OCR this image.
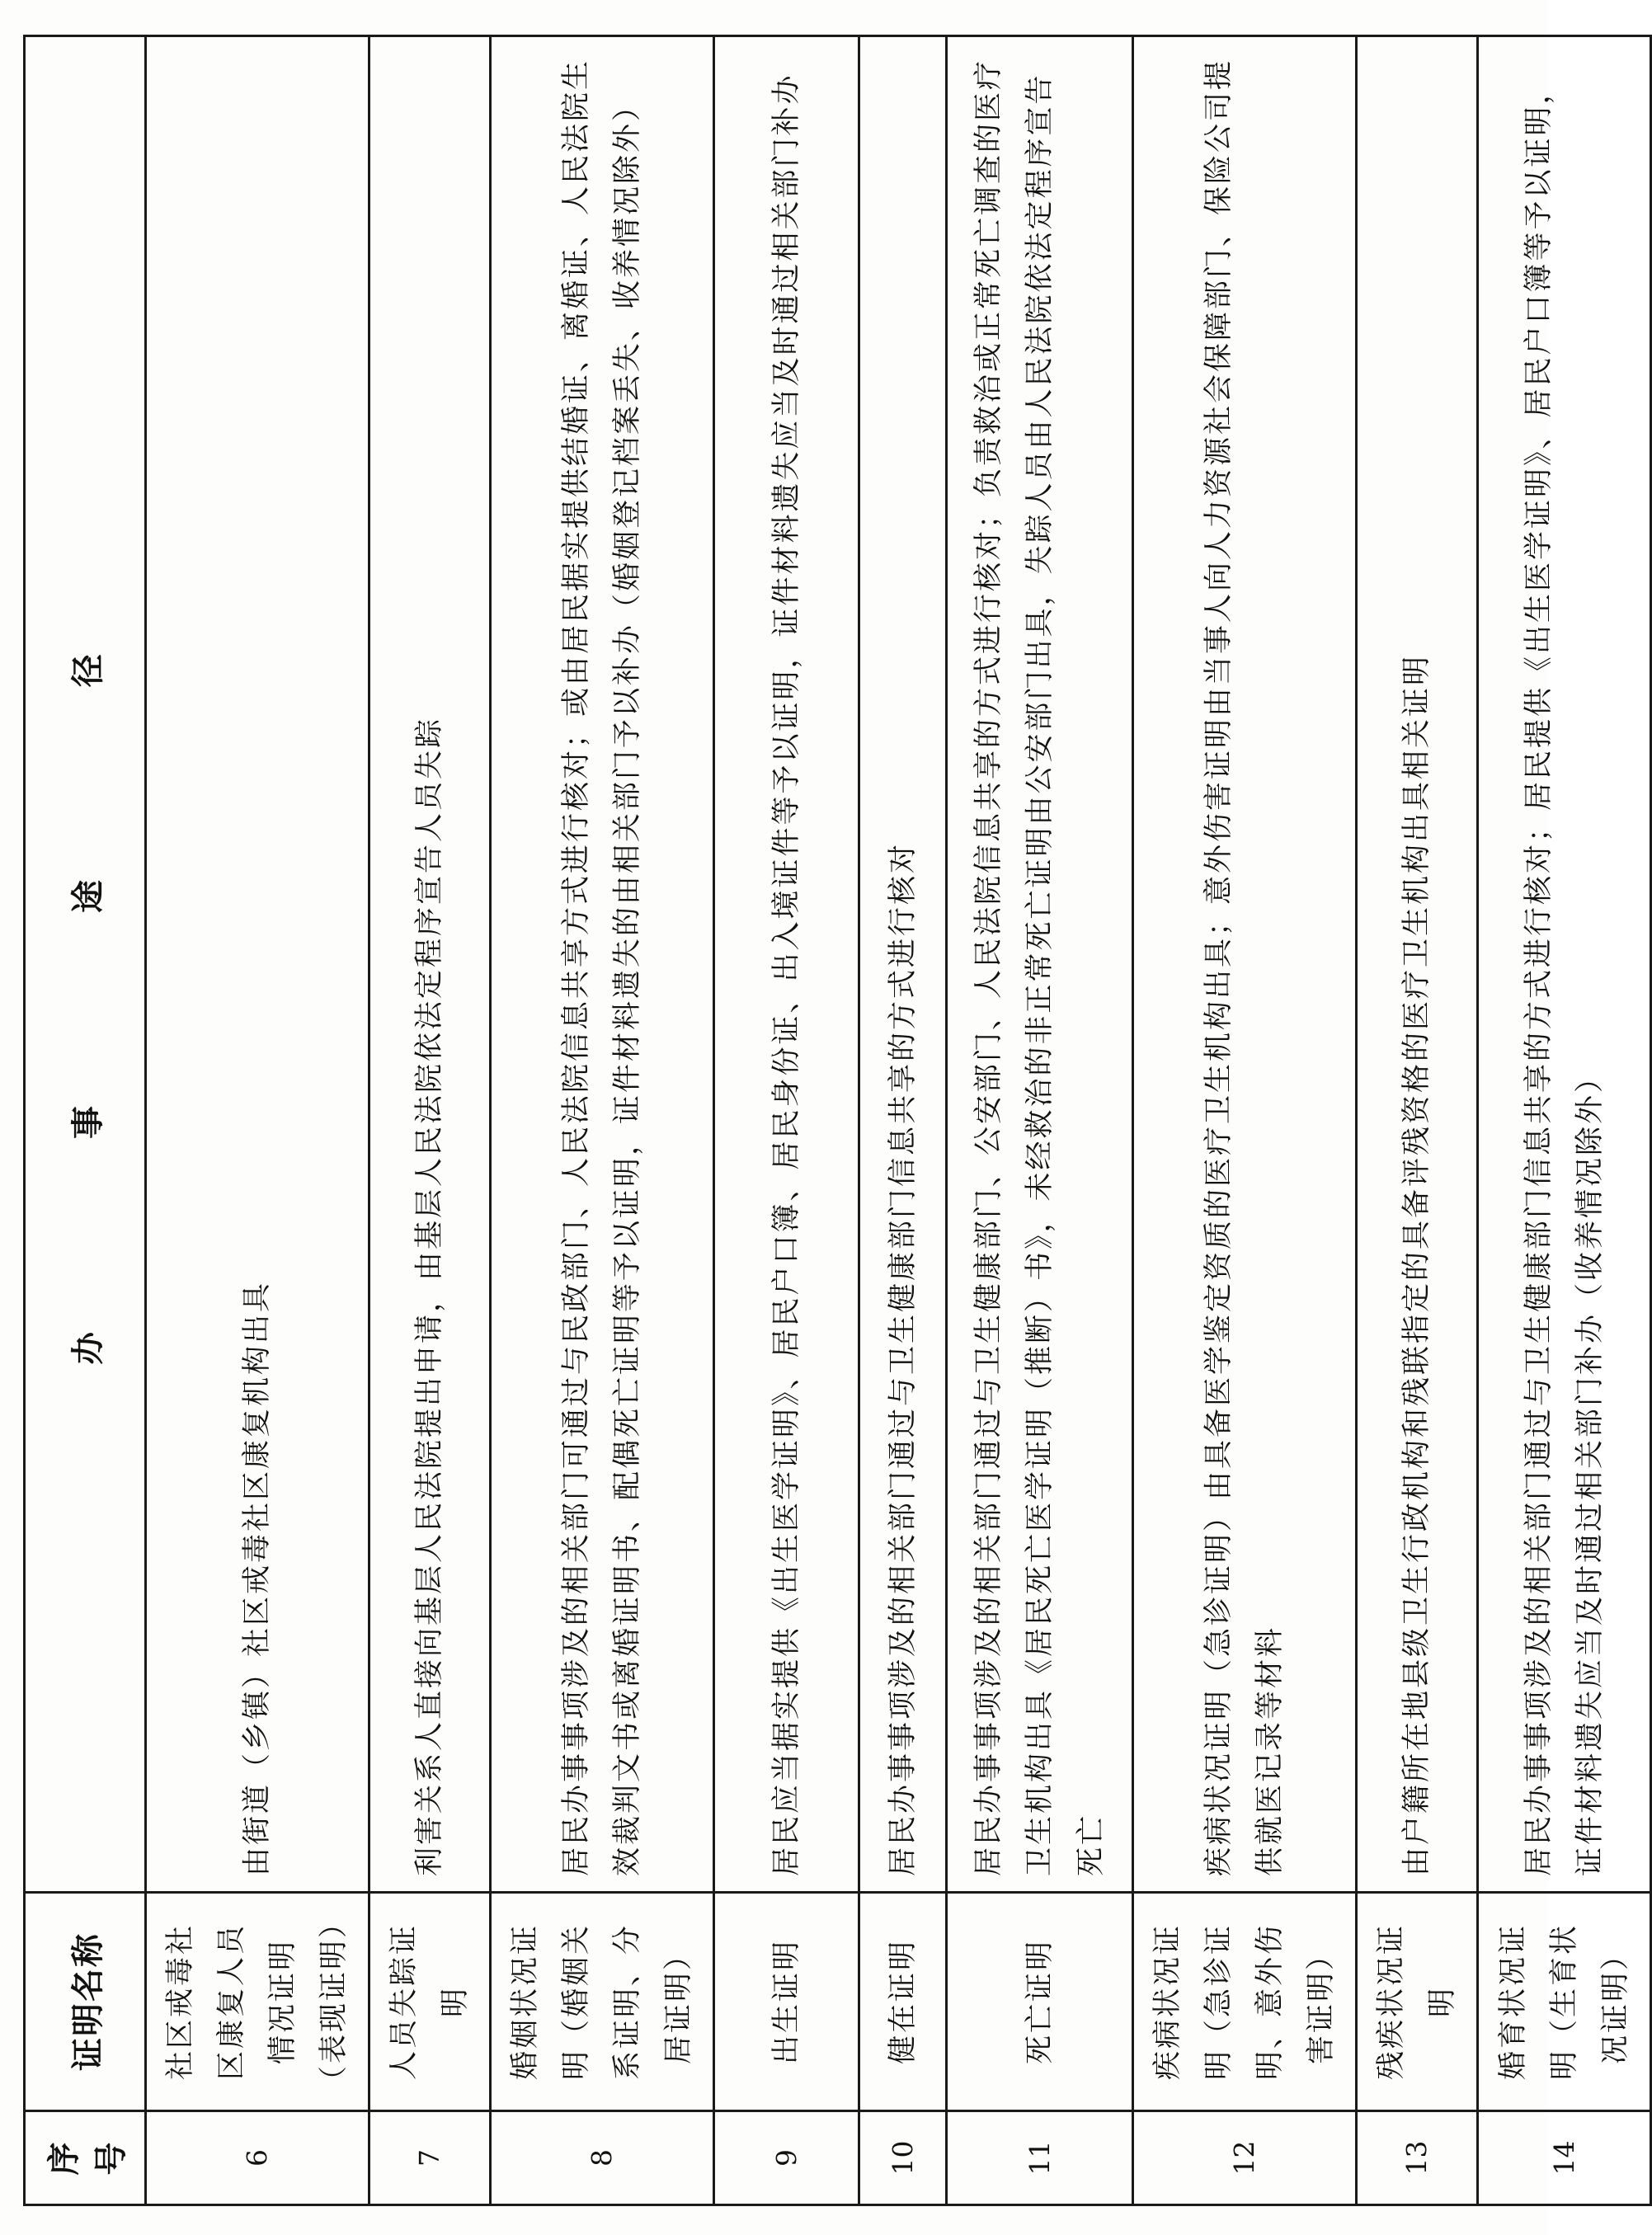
序号	证明名称	办 事 途 径
6	社区戒毒社区康复人员情况证明（表现证明）	由街道（乡镇）社区戒毒社区康复机构出具
7	人员失踪证明	利害关系人直接向基层人民法院提出申请，由基层人民法院依法定程序宣告人员失踪
8	婚姻状况证明（婚姻关系证明、分居证明）	居民办事事项涉及的相关部门可通过与民政部门、人民法院信息共享方式进行核对；或由居民据实提供结婚证、离婚证、人民法院生效裁判文书或离婚证明书、配偶死亡证明等予以证明，证件材料遗失的由相关部门予以补办（婚姻登记档案丢失、收养情况除外）
9	出生证明	居民应当据实提供《出生医学证明》、居民户口簿、居民身份证、出入境证件等予以证明，证件材料遗失应当及时通过相关部门补办
10	健在证明	居民办事事项涉及的相关部门通过与卫生健康部门信息共享的方式进行核对
11	死亡证明	居民办事事项涉及的相关部门通过与卫生健康部门、公安部门、人民法院信息共享的方式进行核对；负责救治或正常死亡调查的医疗卫生机构出具《居民死亡医学证明（推断）书》，未经救治的非正常死亡证明由公安部门出具，失踪人员由人民法院依法定程序宣告死亡
12	疾病状况证明（急诊证明、意外伤害证明）	疾病状况证明（急诊证明）由具备医学鉴定资质的医疗卫生机构出具；意外伤害证明由当事人向人力资源社会保障部门、保险公司提供就医记录等材料
13	残疾状况证明	由户籍所在地县级卫生行政机构和残联指定的具备评残资格的医疗卫生机构出具相关证明
14	婚育状况证明（生育状况证明）	居民办事事项涉及的相关部门通过与卫生健康部门信息共享的方式进行核对；居民提供《出生医学证明》、居民户口簿等予以证明，证件材料遗失应当及时通过相关部门补办（收养情况除外）
